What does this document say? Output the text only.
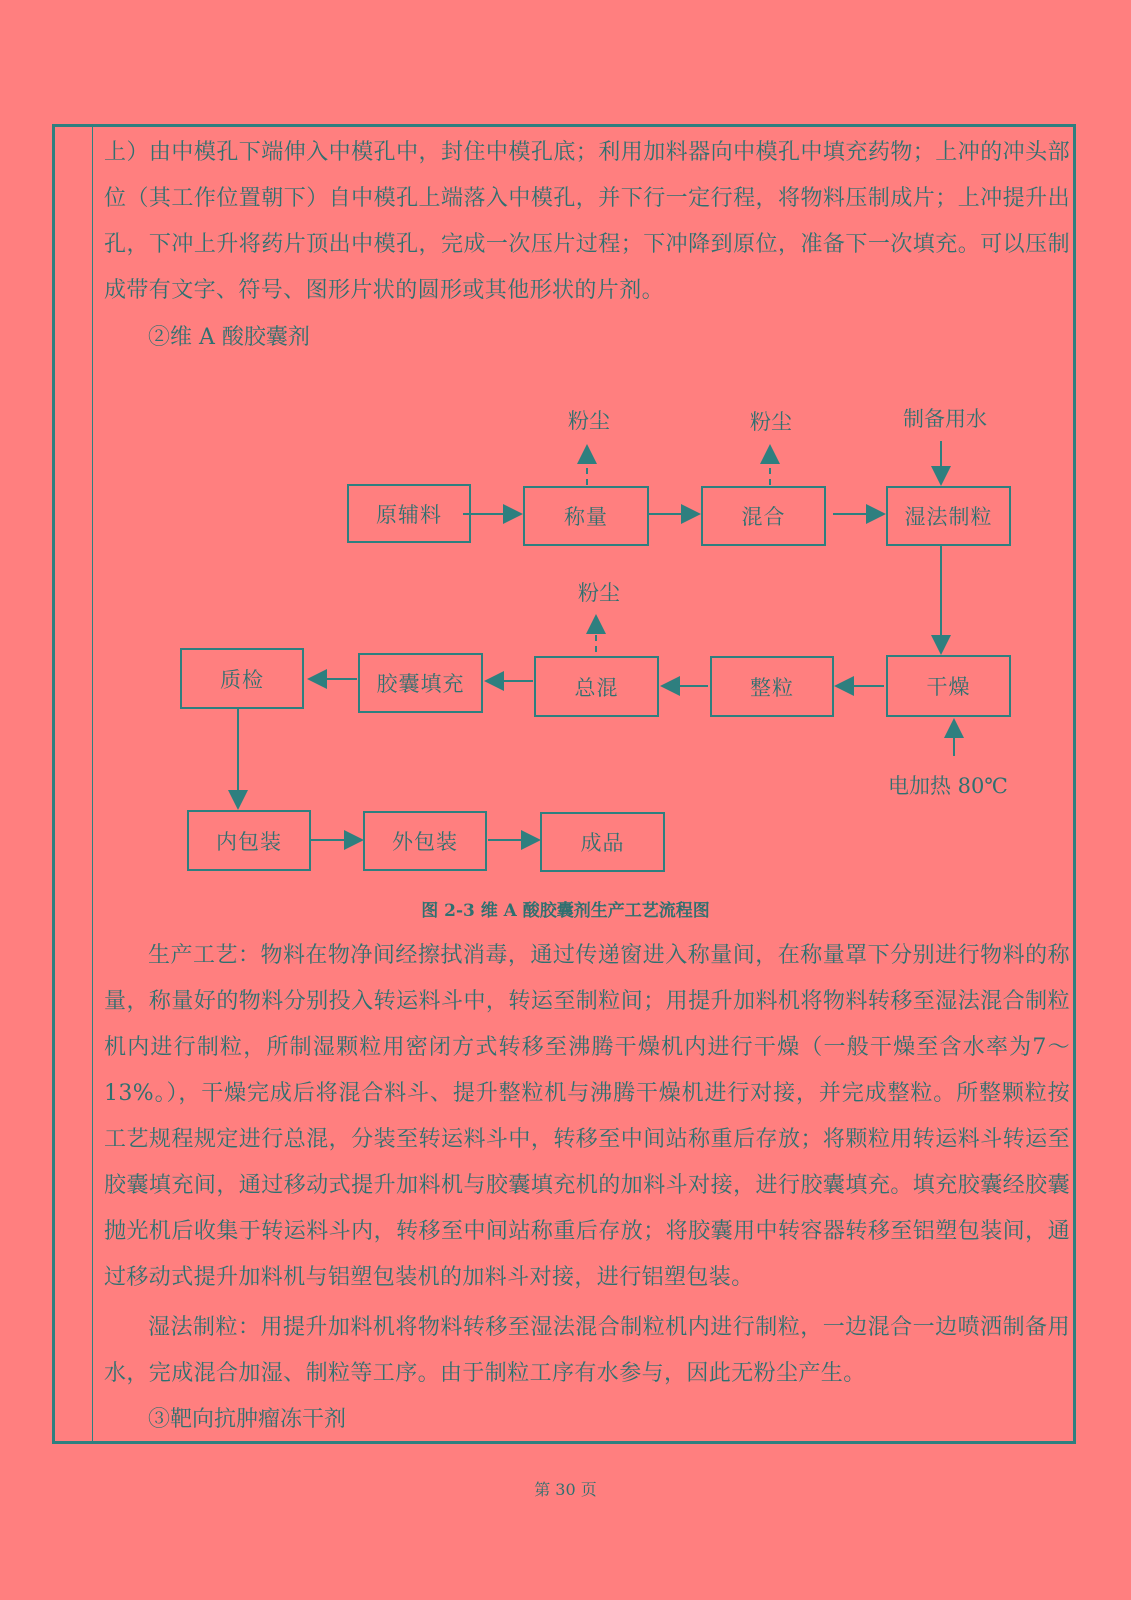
上）由中模孔下端伸入中模孔中，封住中模孔底；利用加料器向中模孔中填充药物；上冲的冲头部位（其工作位置朝下）自中模孔上端落入中模孔，并下行一定行程，将物料压制成片；上冲提升出孔，下冲上升将药片顶出中模孔，完成一次压片过程；下冲降到原位，准备下一次填充。可以压制成带有文字、符号、图形片状的圆形或其他形状的片剂。
②维 A 酸胶囊剂
原辅料	称量	混合	湿法制粒
干燥
整粒
总混
胶囊填充
质检
内包装	外包装	成品
粉尘	粉尘
粉尘
制备用水
电加热 80℃
图 2-3 维 A 酸胶囊剂生产工艺流程图
生产工艺：物料在物净间经擦拭消毒，通过传递窗进入称量间，在称量罩下分别进行物料的称量，称量好的物料分别投入转运料斗中，转运至制粒间；用提升加料机将物料转移至湿法混合制粒机内进行制粒，所制湿颗粒用密闭方式转移至沸腾干燥机内进行干燥（一般干燥至含水率为7～13%。），干燥完成后将混合料斗、提升整粒机与沸腾干燥机进行对接，并完成整粒。所整颗粒按工艺规程规定进行总混，分装至转运料斗中，转移至中间站称重后存放；将颗粒用转运料斗转运至胶囊填充间，通过移动式提升加料机与胶囊填充机的加料斗对接，进行胶囊填充。填充胶囊经胶囊抛光机后收集于转运料斗内，转移至中间站称重后存放；将胶囊用中转容器转移至铝塑包装间，通过移动式提升加料机与铝塑包装机的加料斗对接，进行铝塑包装。
湿法制粒：用提升加料机将物料转移至湿法混合制粒机内进行制粒，一边混合一边喷洒制备用水，完成混合加湿、制粒等工序。由于制粒工序有水参与，因此无粉尘产生。
③靶向抗肿瘤冻干剂
第 30 页
